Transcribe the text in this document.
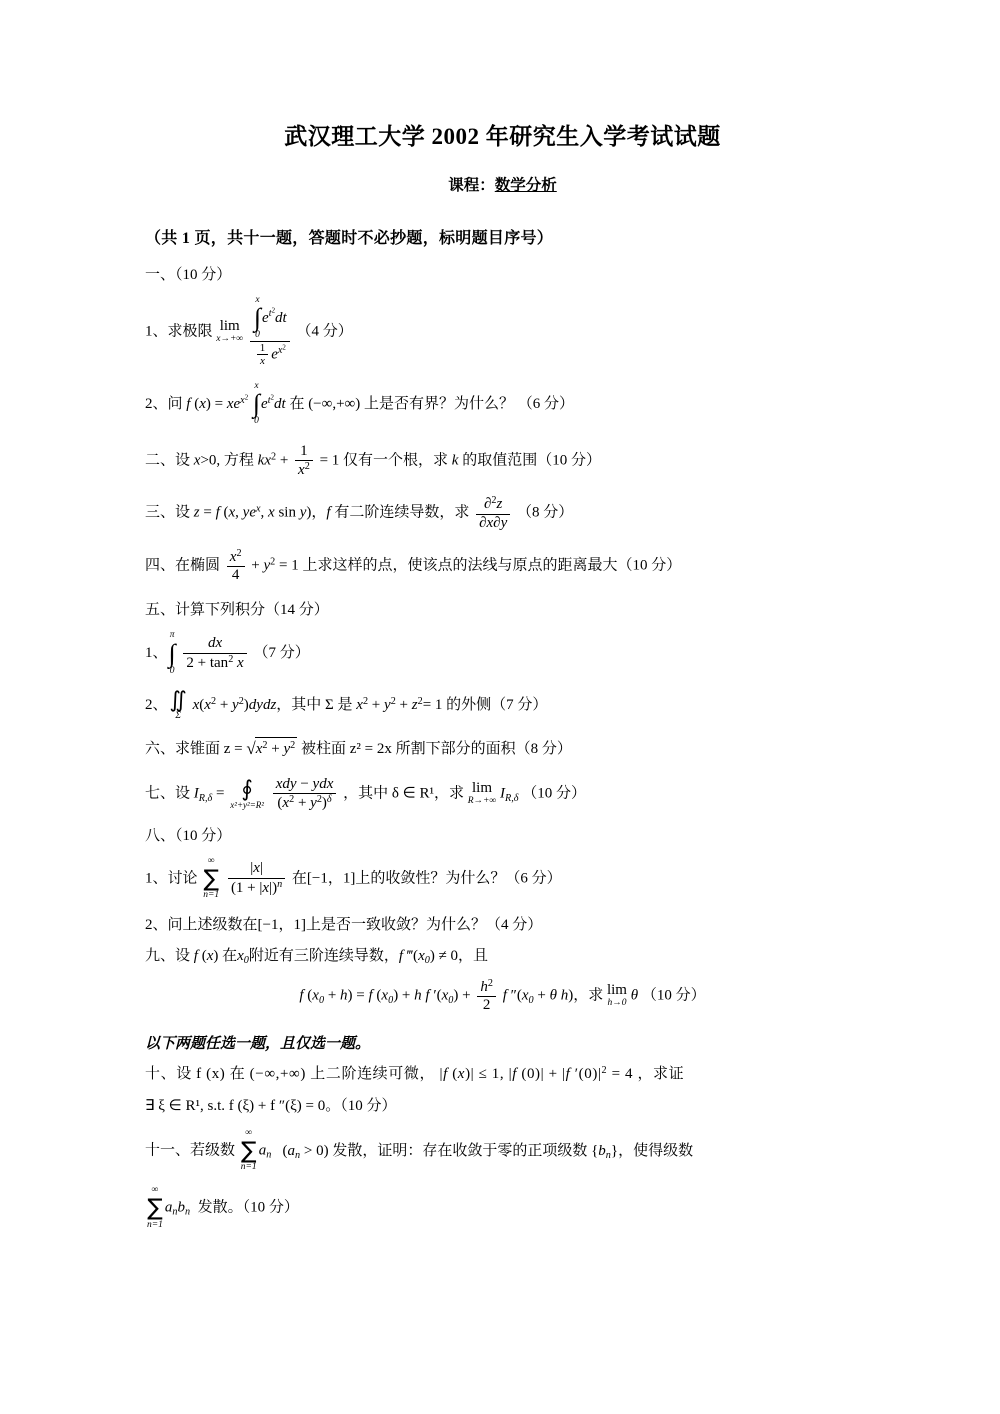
武汉理工大学 2002 年研究生入学考试试题
课程：数学分析
（共 1 页，共十一题，答题时不必抄题，标明题目序号）
一、（10 分）
1、求极限 lim
x→+∞
x
∫
0
$e^{t^2}dt$
$\frac{1}{x} e^{x^2}$ （4 分）
2、问 f $(x) = xe^{x^2}$
x
∫
0
$e^{t^2}dt$ 在 (−∞,+∞) 上是否有界？为什么？ （6 分）
二、设 x>0, 方程 $kx^2 + \frac{1}{x^2} = 1$ 仅有一个根，求 k 的取值范围（10 分）
三、设 z = f (x, $ye^x$, x sin y)，f 有二阶连续导数，求 $\frac{\partial^2z}{\partial x\partial y} (8$ 分）
四、在椭圆 $\frac{x^2}{4} + y^2 = 1$ 上求这样的点，使该点的法线与原点的距离最大（10 分）
五、计算下列积分（14 分）
1、
π
∫
0
$\frac{dx}{2 + \tan^2 x} (7$ 分）
2、 ∬
Σ
$x(x^2$ + $y^2)dydz$，其中 Σ 是 $x^2 + y^2 + z^2= 1$ 的外侧（7 分）
六、求锥面 $z = √x^2 + y^2$ 被柱面 z² = 2x 所割下部分的面积（8 分）
七、设 $I_{R,\delta}$ = ∮
x²+y²=R²
$\frac{\text{xdy − ydx}}{(x^2 + y^2)^\delta}$ ，其中 δ ∈ R¹，求 lim
R→+∞ $I_{R,\delta}$ （10 分）
八、（10 分）
1、讨论
∞
∑
n=1
$\frac{|x|}{(1 + |x|)^n}$ 在[−1，1]上的收敛性？为什么？（6 分）
2、问上述级数在[−1，1]上是否一致收敛？为什么？（4 分）
九、设 f (x) 在$x_0$附近有三阶连续导数，f $‴(x_0) \ne 0$，且
f $(x_0 + h) = f$ $(x_0) + h$ f $'(x_0) + \frac{h^2}{2}$ f $''(x_0 + \theta$ h)，求 lim
h→0 θ （10 分）
以下两题任选一题，且仅选一题。
十、设 f (x) 在 (−∞,+∞) 上二阶连续可微， |f (x)| ≤ 1, |f (0)| + |f $'(0)|^2 = 4$ ，求证
∃ ξ ∈ R¹, s.t. f (ξ) + f ″(ξ) = 0。（10 分）
十一、若级数
∞
∑
n=1
$a_n$ $(a_n > 0)$ 发散，证明：存在收敛于零的正项级数 $\{b_n\}$，使得级数
∞
∑
n=1
$a_nb_n$ 发散。（10 分）
